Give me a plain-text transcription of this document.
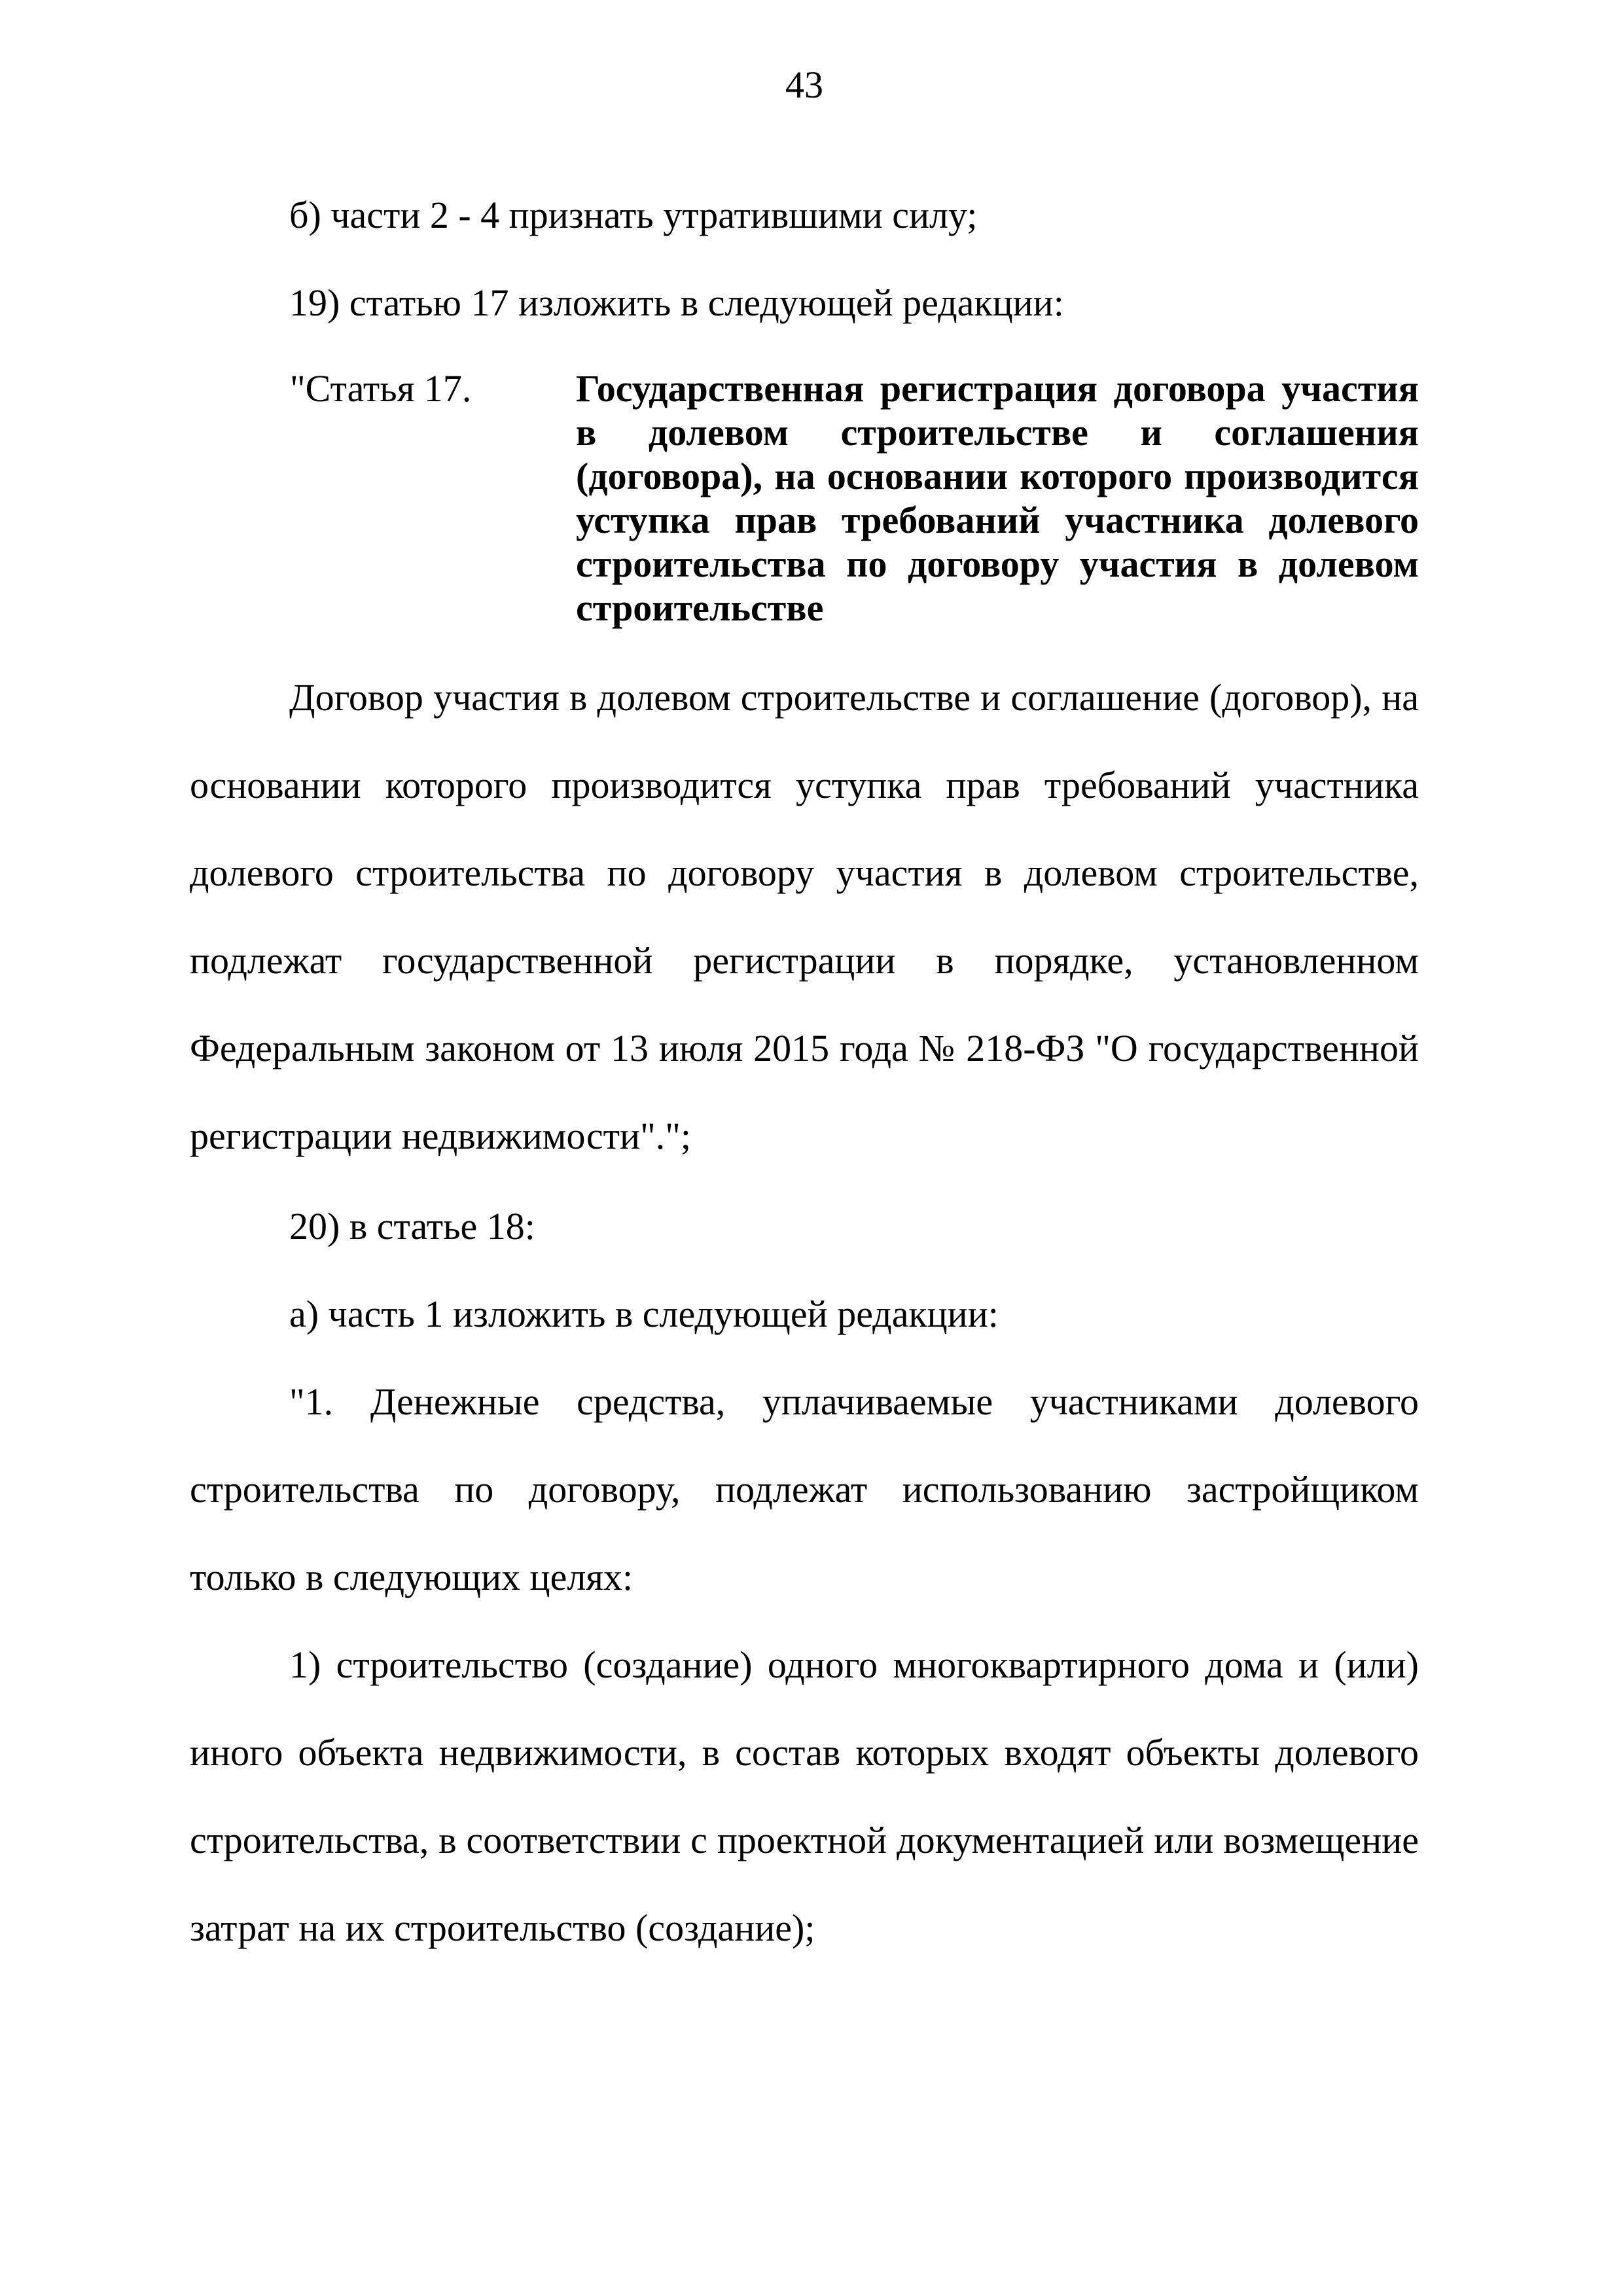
43
б) части 2 - 4 признать утратившими силу;
19) статью 17 изложить в следующей редакции:
"Статья 17.	Государственная регистрация договора участия
в долевом строительстве и соглашения
(договора), на основании которого производится
уступка прав требований участника долевого
строительства по договору участия в долевом
строительстве
Договор участия в долевом строительстве и соглашение (договор), на
основании которого производится уступка прав требований участника
долевого строительства по договору участия в долевом строительстве,
подлежат государственной регистрации в порядке, установленном
Федеральным законом от 13 июля 2015 года № 218-ФЗ "О государственной
регистрации недвижимости".";
20) в статье 18:
а) часть 1 изложить в следующей редакции:
"1. Денежные средства, уплачиваемые участниками долевого
строительства по договору, подлежат использованию застройщиком
только в следующих целях:
1) строительство (создание) одного многоквартирного дома и (или)
иного объекта недвижимости, в состав которых входят объекты долевого
строительства, в соответствии с проектной документацией или возмещение
затрат на их строительство (создание);
